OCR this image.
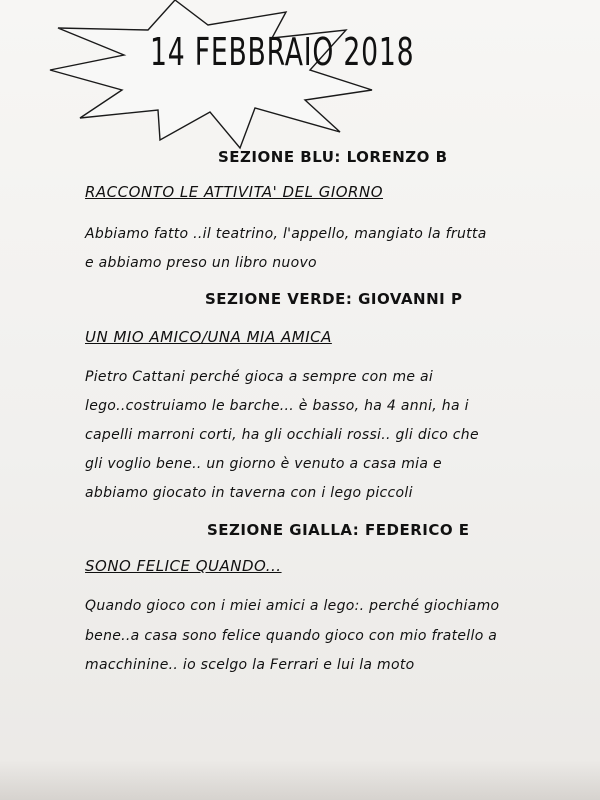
14 FEBBRAIO 2018
SEZIONE BLU: LORENZO B
RACCONTO LE ATTIVITA' DEL GIORNO
Abbiamo fatto ..il teatrino, l'appello, mangiato la frutta
e abbiamo preso un libro nuovo
SEZIONE VERDE: GIOVANNI P
UN MIO AMICO/UNA MIA AMICA
Pietro Cattani perché gioca a sempre con me ai
lego..costruiamo le barche... è basso, ha 4 anni, ha i
capelli marroni corti, ha gli occhiali rossi.. gli dico che
gli voglio bene.. un giorno è venuto a casa mia e
abbiamo giocato in taverna con i lego piccoli
SEZIONE GIALLA: FEDERICO E
SONO FELICE QUANDO...
Quando gioco con i miei amici a lego:. perché giochiamo
bene..a casa sono felice quando gioco con mio fratello a
macchinine.. io scelgo la Ferrari e lui la moto
